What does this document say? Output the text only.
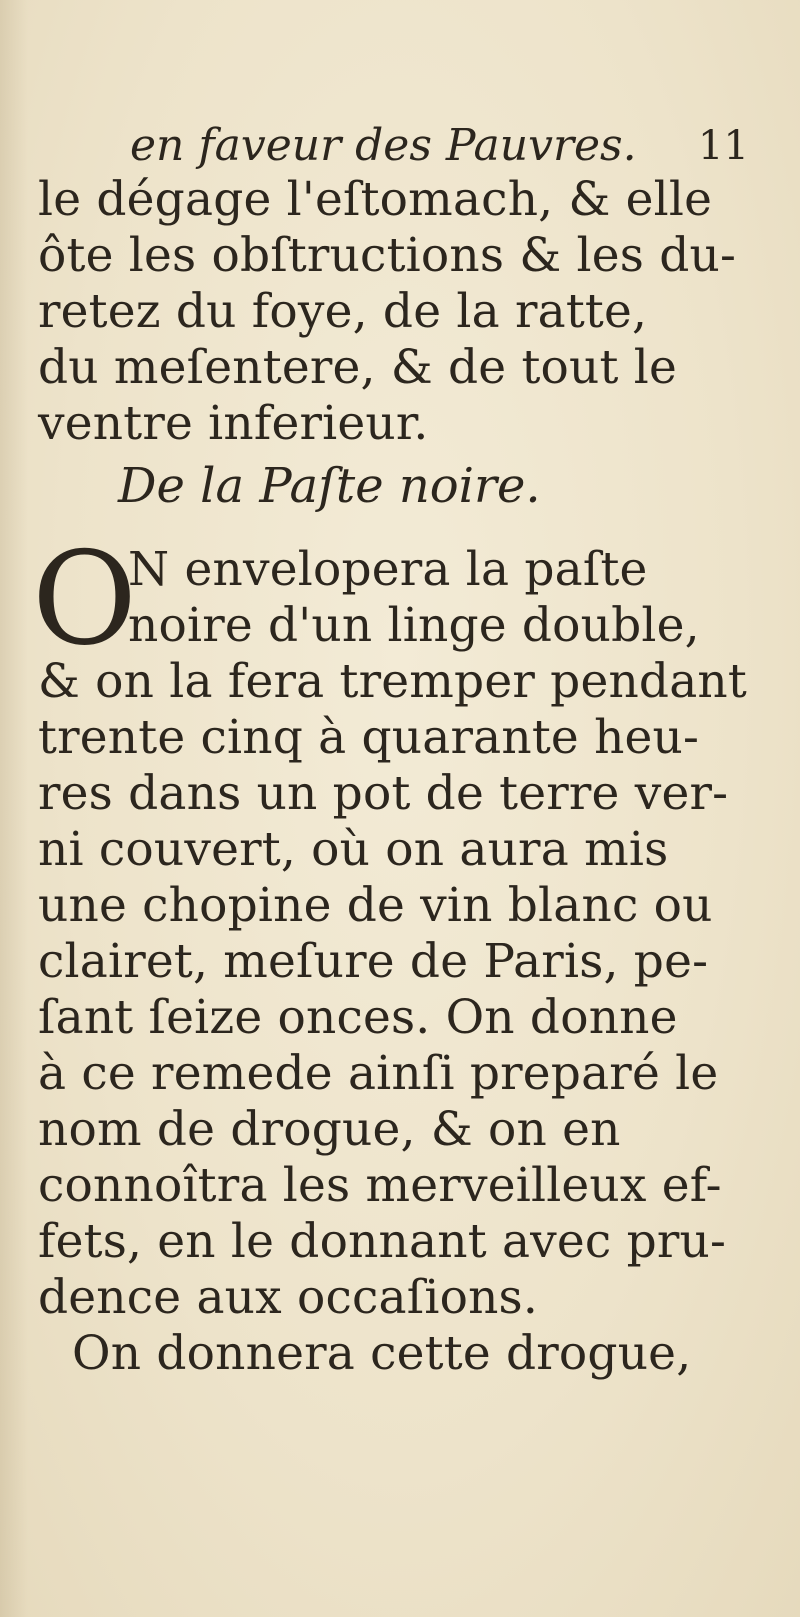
en faveur des Pauvres.	11
le dégage l'eſtomach, & elle
ôte les obſtructions & les du-
retez du foye, de la ratte,
du meſentere, & de tout le
ventre inferieur.
De la Paſte noire.
O
N envelopera la paſte
noire d'un linge double,
& on la fera tremper pendant
trente cinq à quarante heu-
res dans un pot de terre ver-
ni couvert, où on aura mis
une chopine de vin blanc ou
clairet, meſure de Paris, pe-
ſant ſeize onces. On donne
à ce remede ainſi preparé le
nom de drogue, & on en
connoîtra les merveilleux ef-
fets, en le donnant avec pru-
dence aux occaſions.
On donnera cette drogue,
